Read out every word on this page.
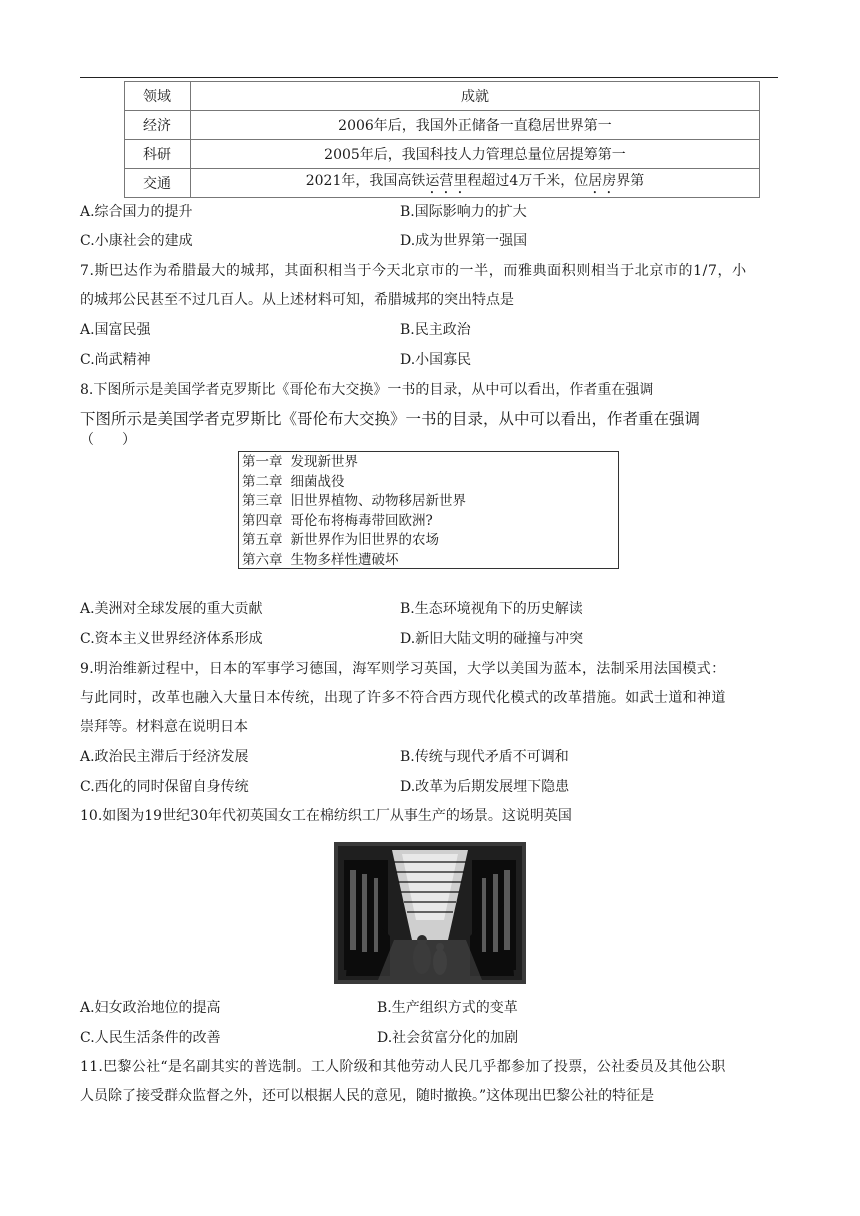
领域	成就
经济	2006年后，我国外正储备一直稳居世界第一
科研	2005年后，我国科技人力管理总量位居提筹第一
交通	2021年，我国高铁运营里程超过4万千米，位居房界第
A.综合国力的提升	B.国际影响力的扩大
C.小康社会的建成	D.成为世界第一强国
7.斯巴达作为希腊最大的城邦，其面积相当于今天北京市的一半，而雅典面积则相当于北京市的1/7，小
的城邦公民甚至不过几百人。从上述材料可知，希腊城邦的突出特点是
A.国富民强	B.民主政治
C.尚武精神	D.小国寡民
8.下图所示是美国学者克罗斯比《哥伦布大交换》一书的目录，从中可以看出，作者重在强调
下图所示是美国学者克罗斯比《哥伦布大交换》一书的目录，从中可以看出，作者重在强调
（　　）
第一章 发现新世界
第二章 细菌战役
第三章 旧世界植物、动物移居新世界
第四章 哥伦布将梅毒带回欧洲?
第五章 新世界作为旧世界的农场
第六章 生物多样性遭破坏
A.美洲对全球发展的重大贡献	B.生态环境视角下的历史解读
C.资本主义世界经济体系形成	D.新旧大陆文明的碰撞与冲突
9.明治维新过程中，日本的军事学习德国，海军则学习英国，大学以美国为蓝本，法制采用法国模式：
与此同时，改革也融入大量日本传统，出现了许多不符合西方现代化模式的改革措施。如武士道和神道
崇拜等。材料意在说明日本
A.政治民主滞后于经济发展	B.传统与现代矛盾不可调和
C.西化的同时保留自身传统	D.改革为后期发展埋下隐患
10.如图为19世纪30年代初英国女工在棉纺织工厂从事生产的场景。这说明英国
A.妇女政治地位的提高	B.生产组织方式的变革
C.人民生活条件的改善	D.社会贫富分化的加剧
11.巴黎公社“是名副其实的普选制。工人阶级和其他劳动人民几乎都参加了投票，公社委员及其他公职
人员除了接受群众监督之外，还可以根据人民的意见，随时撤换。”这体现出巴黎公社的特征是
